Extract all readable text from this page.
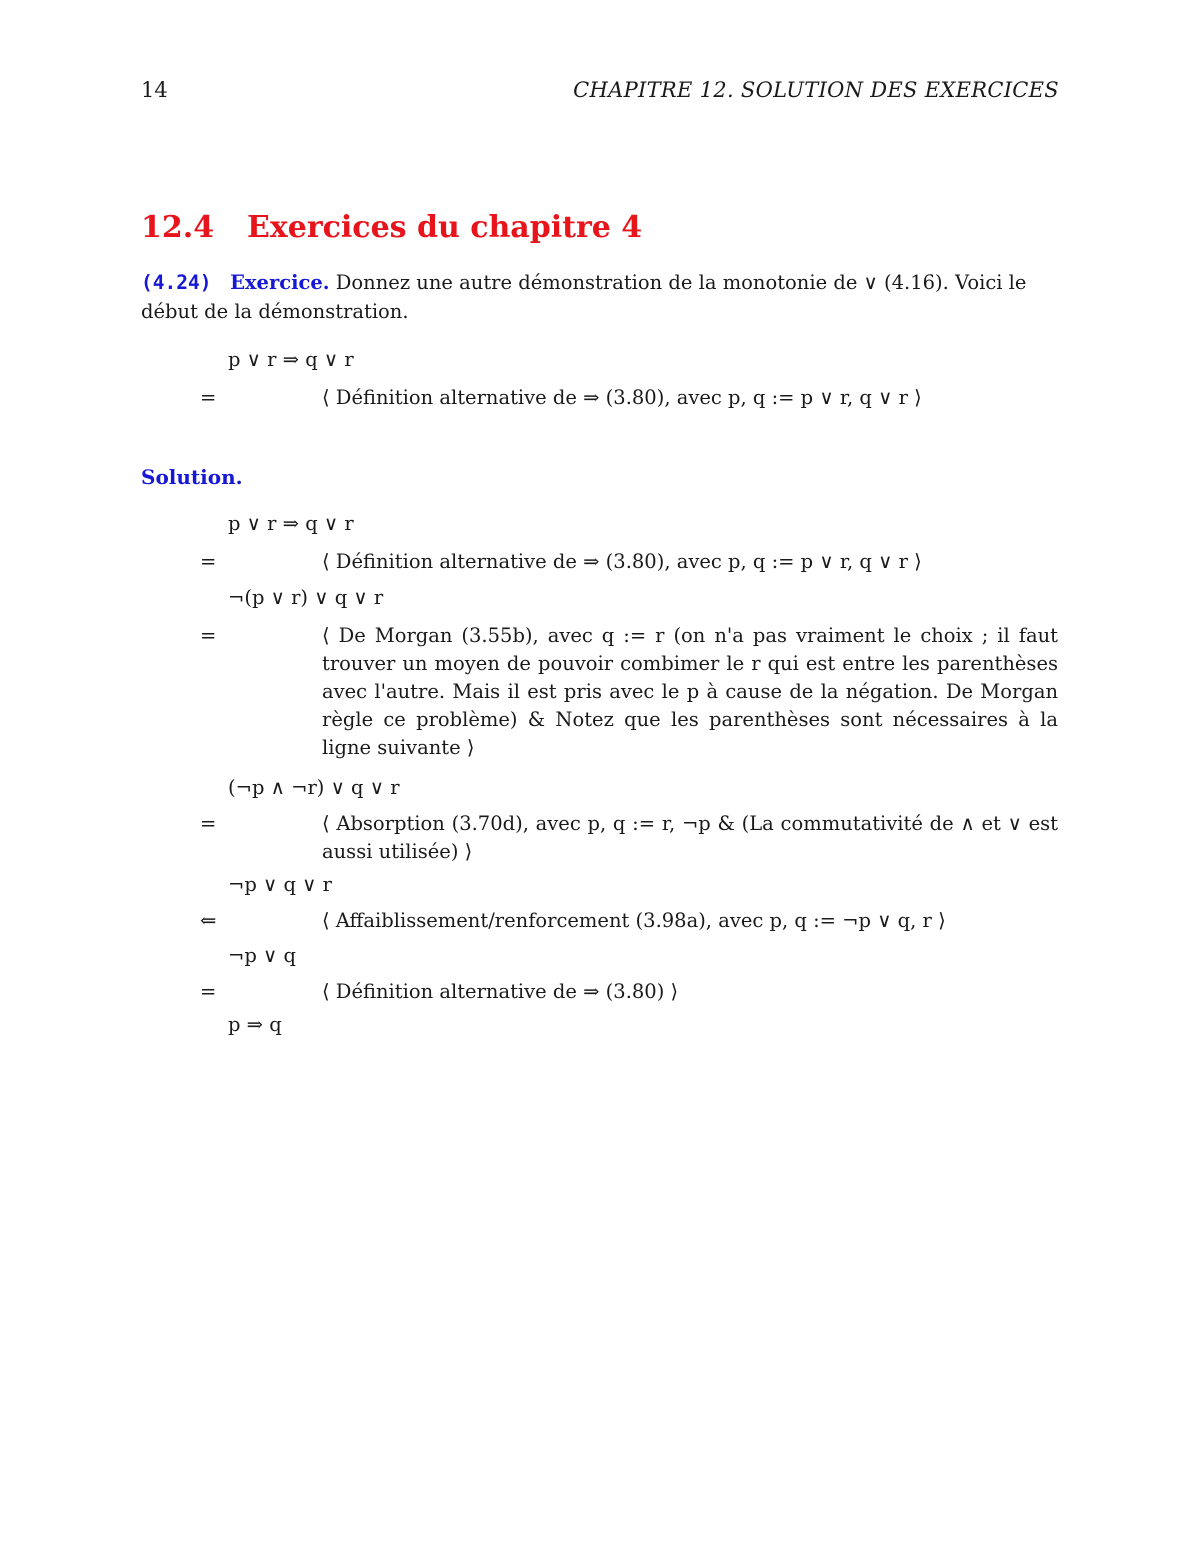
14	CHAPITRE 12. SOLUTION DES EXERCICES
12.4 Exercices du chapitre 4
(4.24) Exercice. Donnez une autre démonstration de la monotonie de ∨ (4.16). Voici le début de la démonstration.
p ∨ r ⇒ q ∨ r
=	⟨ Définition alternative de ⇒ (3.80), avec p, q := p ∨ r, q ∨ r ⟩
Solution.
p ∨ r ⇒ q ∨ r
=	⟨ Définition alternative de ⇒ (3.80), avec p, q := p ∨ r, q ∨ r ⟩
¬(p ∨ r) ∨ q ∨ r
=	⟨ De Morgan (3.55b), avec q := r (on n'a pas vraiment le choix ; il faut trouver un moyen de pouvoir combimer le r qui est entre les parenthèses avec l'autre. Mais il est pris avec le p à cause de la négation. De Morgan règle ce problème) & Notez que les parenthèses sont nécessaires à la ligne suivante ⟩
(¬p ∧ ¬r) ∨ q ∨ r
=	⟨ Absorption (3.70d), avec p, q := r, ¬p & (La commutativité de ∧ et ∨ est aussi utilisée) ⟩
¬p ∨ q ∨ r
⇐	⟨ Affaiblissement/renforcement (3.98a), avec p, q := ¬p ∨ q, r ⟩
¬p ∨ q
=	⟨ Définition alternative de ⇒ (3.80) ⟩
p ⇒ q
